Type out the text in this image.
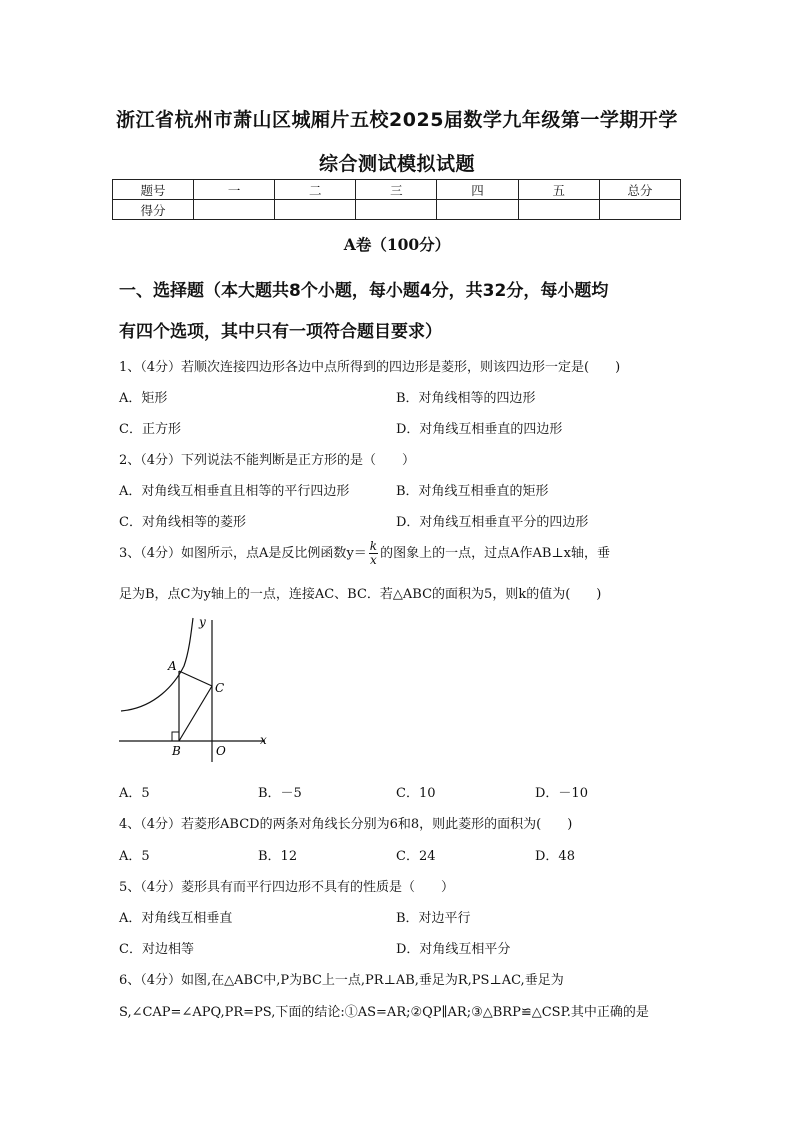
浙江省杭州市萧山区城厢片五校2025届数学九年级第一学期开学
综合测试模拟试题
题号	一	二	三	四	五	总分
得分						
A卷（100分）
一、选择题（本大题共8个小题，每小题4分，共32分，每小题均
有四个选项，其中只有一项符合题目要求）
1、（4分）若顺次连接四边形各边中点所得到的四边形是菱形，则该四边形一定是(　　)
A．矩形	B．对角线相等的四边形
C．正方形	D．对角线互相垂直的四边形
2、（4分）下列说法不能判断是正方形的是（　　）
A．对角线互相垂直且相等的平行四边形	B．对角线互相垂直的矩形
C．对角线相等的菱形	D．对角线互相垂直平分的四边形
3、（4分）如图所示，点A是反比例函数$y= \frac{k}{x}$ 的图象上的一点，过点A作AB⊥x轴，垂
足为B，点C为y轴上的一点，连接AC、BC．若△ABC的面积为5，则k的值为(　　)
y
x
A
B
C
O
A．5	B．－5	C．10	D．－10
4、（4分）若菱形ABCD的两条对角线长分别为6和8，则此菱形的面积为(　　)
A．5	B．12	C．24	D．48
5、（4分）菱形具有而平行四边形不具有的性质是（　　）
A．对角线互相垂直	B．对边平行
C．对边相等	D．对角线互相平分
6、（4分）如图,在△ABC中,P为BC上一点,PR⊥AB,垂足为R,PS⊥AC,垂足为
S,∠CAP=∠APQ,PR=PS,下面的结论:①AS=AR;②QP∥AR;③△BRP≌△CSP.其中正确的是
